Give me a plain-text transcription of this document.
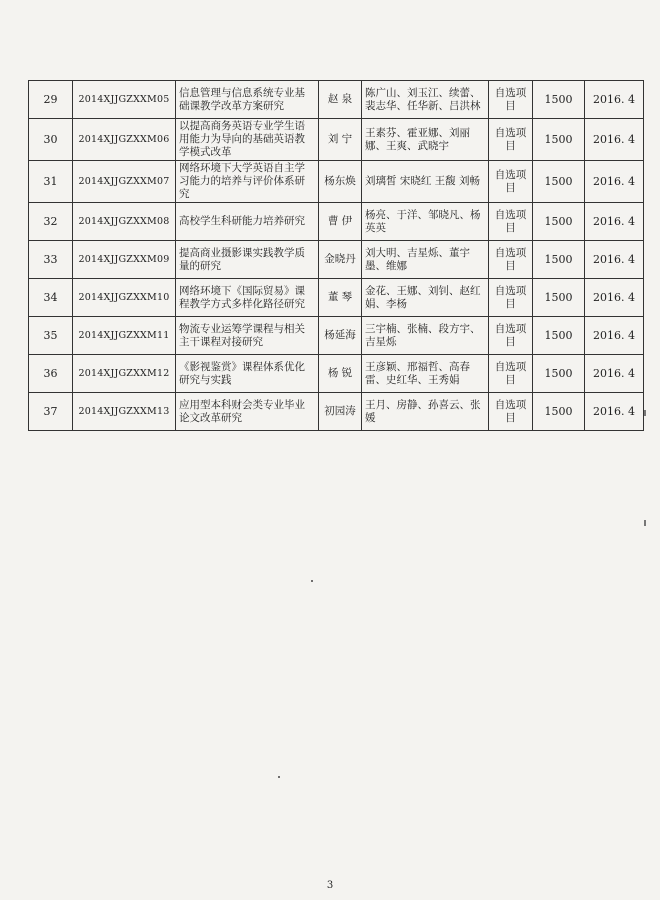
29	2014XJJGZXXM05	信息管理与信息系统专业基础课教学改革方案研究	赵 泉	陈广山、刘玉江、续蕾、裴志华、任华新、吕洪林	自选项目	1500	2016. 4
30	2014XJJGZXXM06	以提高商务英语专业学生语用能力为导向的基础英语教学模式改革	刘 宁	王素芬、霍亚娜、刘丽娜、王爽、武晓宇	自选项目	1500	2016. 4
31	2014XJJGZXXM07	网络环境下大学英语自主学习能力的培养与评价体系研究	杨东焕	刘璃皙 宋晓红 王馥 刘畅	自选项目	1500	2016. 4
32	2014XJJGZXXM08	高校学生科研能力培养研究	曹 伊	杨亮、于洋、邹晓凡、杨英英	自选项目	1500	2016. 4
33	2014XJJGZXXM09	提高商业摄影课实践教学质量的研究	金晓丹	刘大明、吉星烁、董宇墨、维娜	自选项目	1500	2016. 4
34	2014XJJGZXXM10	网络环境下《国际贸易》课程教学方式多样化路径研究	董 琴	金花、王娜、刘钊、赵红娟、李杨	自选项目	1500	2016. 4
35	2014XJJGZXXM11	物流专业运筹学课程与相关主干课程对接研究	杨延海	三宇楠、张楠、段方宇、吉星烁	自选项目	1500	2016. 4
36	2014XJJGZXXM12	《影视鉴赏》课程体系优化研究与实践	杨 锐	王彦颖、邢福哲、高春雷、史红华、王秀娟	自选项目	1500	2016. 4
37	2014XJJGZXXM13	应用型本科财会类专业毕业论文改革研究	初园涛	王月、房静、孙喜云、张媛	自选项目	1500	2016. 4
3
